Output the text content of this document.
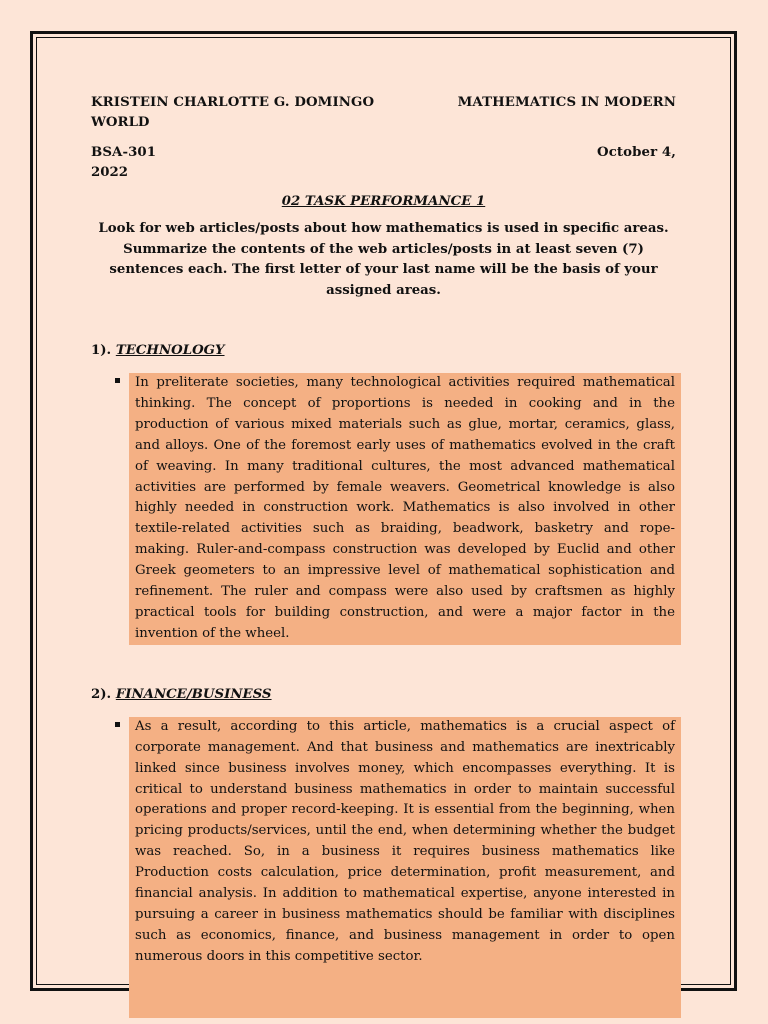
KRISTEIN CHARLOTTE G. DOMINGO	MATHEMATICS IN MODERN
WORLD
BSA-301	October 4,
2022
02 TASK PERFORMANCE 1
Look for web articles/posts about how mathematics is used in specific areas. Summarize the contents of the web articles/posts in at least seven (7) sentences each. The first letter of your last name will be the basis of your assigned areas.
1). TECHNOLOGY
In preliterate societies, many technological activities required mathematical thinking. The concept of proportions is needed in cooking and in the production of various mixed materials such as glue, mortar, ceramics, glass, and alloys. One of the foremost early uses of mathematics evolved in the craft of weaving. In many traditional cultures, the most advanced mathematical activities are performed by female weavers. Geometrical knowledge is also highly needed in construction work. Mathematics is also involved in other textile-related activities such as braiding, beadwork, basketry and rope-making. Ruler-and-compass construction was developed by Euclid and other Greek geometers to an impressive level of mathematical sophistication and refinement. The ruler and compass were also used by craftsmen as highly practical tools for building construction, and were a major factor in the invention of the wheel.
2). FINANCE/BUSINESS
As a result, according to this article, mathematics is a crucial aspect of corporate management. And that business and mathematics are inextricably linked since business involves money, which encompasses everything. It is critical to understand business mathematics in order to maintain successful operations and proper record-keeping. It is essential from the beginning, when pricing products/services, until the end, when determining whether the budget was reached. So, in a business it requires business mathematics like Production costs calculation, price determination, profit measurement, and financial analysis. In addition to mathematical expertise, anyone interested in pursuing a career in business mathematics should be familiar with disciplines such as economics, finance, and business management in order to open numerous doors in this competitive sector.
